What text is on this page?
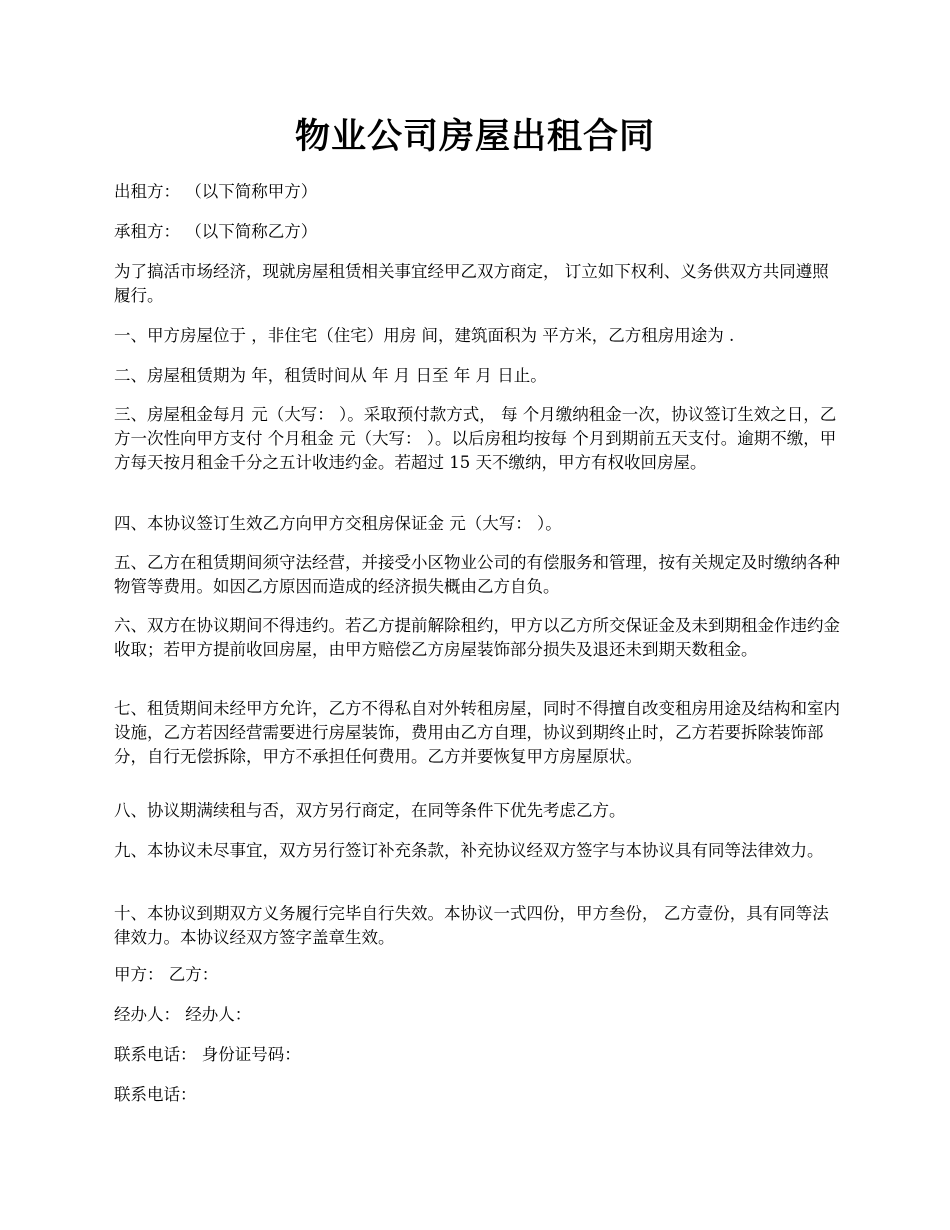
物业公司房屋出租合同

出租方： （以下简称甲方）

承租方： （以下简称乙方）

为了搞活市场经济，现就房屋租赁相关事宜经甲乙双方商定， 订立如下权利、义务供双方共同遵照履行。

一、甲方房屋位于 ，非住宅（住宅）用房 间，建筑面积为 平方米，乙方租房用途为 .

二、房屋租赁期为 年，租赁时间从 年 月 日至 年 月 日止。

三、房屋租金每月 元（大写： ）。采取预付款方式， 每 个月缴纳租金一次，协议签订生效之日，乙方一次性向甲方支付 个月租金 元（大写： ）。以后房租均按每 个月到期前五天支付。逾期不缴，甲方每天按月租金千分之五计收违约金。若超过 15 天不缴纳，甲方有权收回房屋。

四、本协议签订生效乙方向甲方交租房保证金 元（大写： ）。

五、乙方在租赁期间须守法经营，并接受小区物业公司的有偿服务和管理，按有关规定及时缴纳各种物管等费用。如因乙方原因而造成的经济损失概由乙方自负。

六、双方在协议期间不得违约。若乙方提前解除租约，甲方以乙方所交保证金及未到期租金作违约金收取；若甲方提前收回房屋，由甲方赔偿乙方房屋装饰部分损失及退还未到期天数租金。

七、租赁期间未经甲方允许，乙方不得私自对外转租房屋，同时不得擅自改变租房用途及结构和室内设施，乙方若因经营需要进行房屋装饰，费用由乙方自理，协议到期终止时，乙方若要拆除装饰部分，自行无偿拆除，甲方不承担任何费用。乙方并要恢复甲方房屋原状。

八、协议期满续租与否，双方另行商定，在同等条件下优先考虑乙方。

九、本协议未尽事宜，双方另行签订补充条款，补充协议经双方签字与本协议具有同等法律效力。

十、本协议到期双方义务履行完毕自行失效。本协议一式四份，甲方叁份， 乙方壹份，具有同等法律效力。本协议经双方签字盖章生效。

甲方： 乙方：

经办人： 经办人：

联系电话： 身份证号码：

联系电话：
